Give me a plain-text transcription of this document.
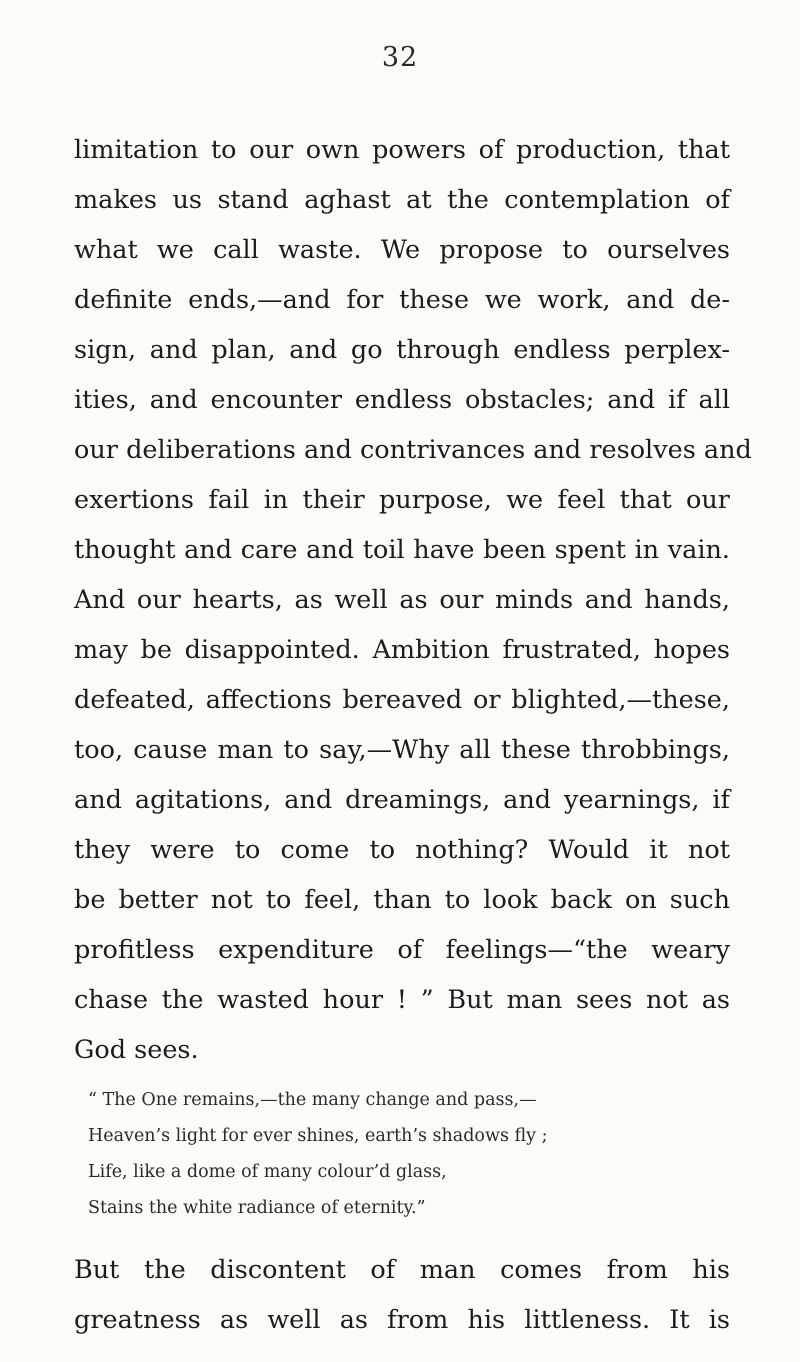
32
limitation to our own powers of production, that
makes us stand aghast at the contemplation of
what we call waste. We propose to ourselves
definite ends,—and for these we work, and de-
sign, and plan, and go through endless perplex-
ities, and encounter endless obstacles; and if all
our deliberations and contrivances and resolves and
exertions fail in their purpose, we feel that our
thought and care and toil have been spent in vain.
And our hearts, as well as our minds and hands,
may be disappointed. Ambition frustrated, hopes
defeated, affections bereaved or blighted,—these,
too, cause man to say,—Why all these throbbings,
and agitations, and dreamings, and yearnings, if
they were to come to nothing? Would it not
be better not to feel, than to look back on such
profitless expenditure of feelings—“the weary
chase the wasted hour ! ” But man sees not as
God sees.
“ The One remains,—the many change and pass,—
Heaven’s light for ever shines, earth’s shadows fly ;
Life, like a dome of many colour’d glass,
Stains the white radiance of eternity.”
But the discontent of man comes from his
greatness as well as from his littleness. It is
